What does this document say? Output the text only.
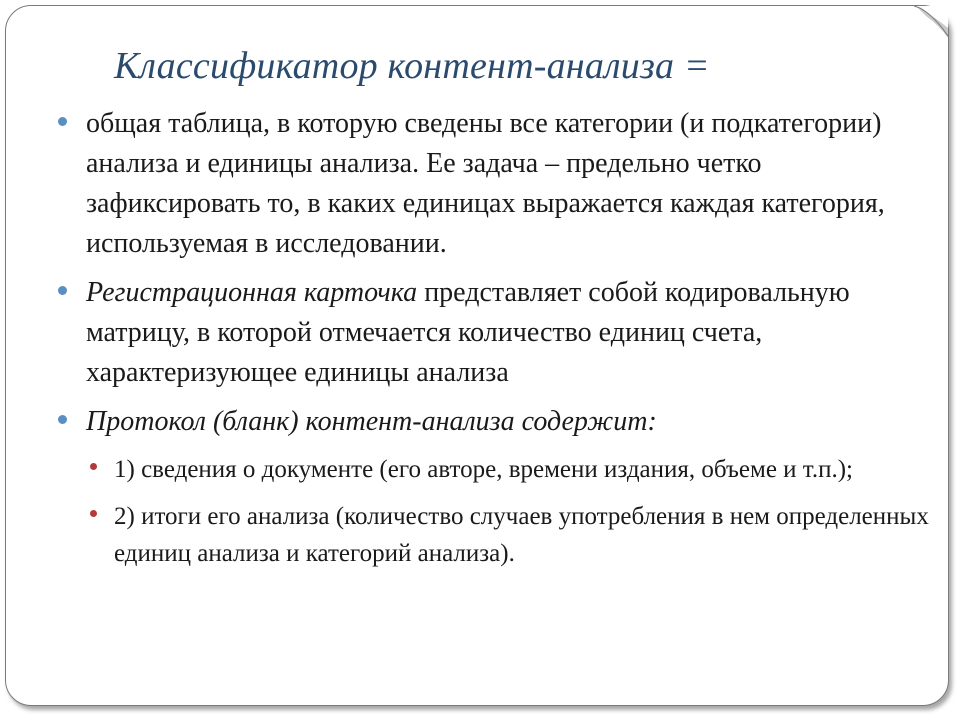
Классификатор контент-анализа =
общая таблица, в которую сведены все категории (и подкатегории) анализа и единицы анализа. Ее задача – предельно четко зафиксировать то, в каких единицах выражается каждая категория, используемая в исследовании.
Регистрационная карточка представляет собой кодировальную матрицу, в которой отмечается количество единиц счета, характеризующее единицы анализа
Протокол (бланк) контент-анализа содержит:
1) сведения о документе (его авторе, времени издания, объеме и т.п.);
2) итоги его анализа (количество случаев употребления в нем определенных единиц анализа и категорий анализа).
